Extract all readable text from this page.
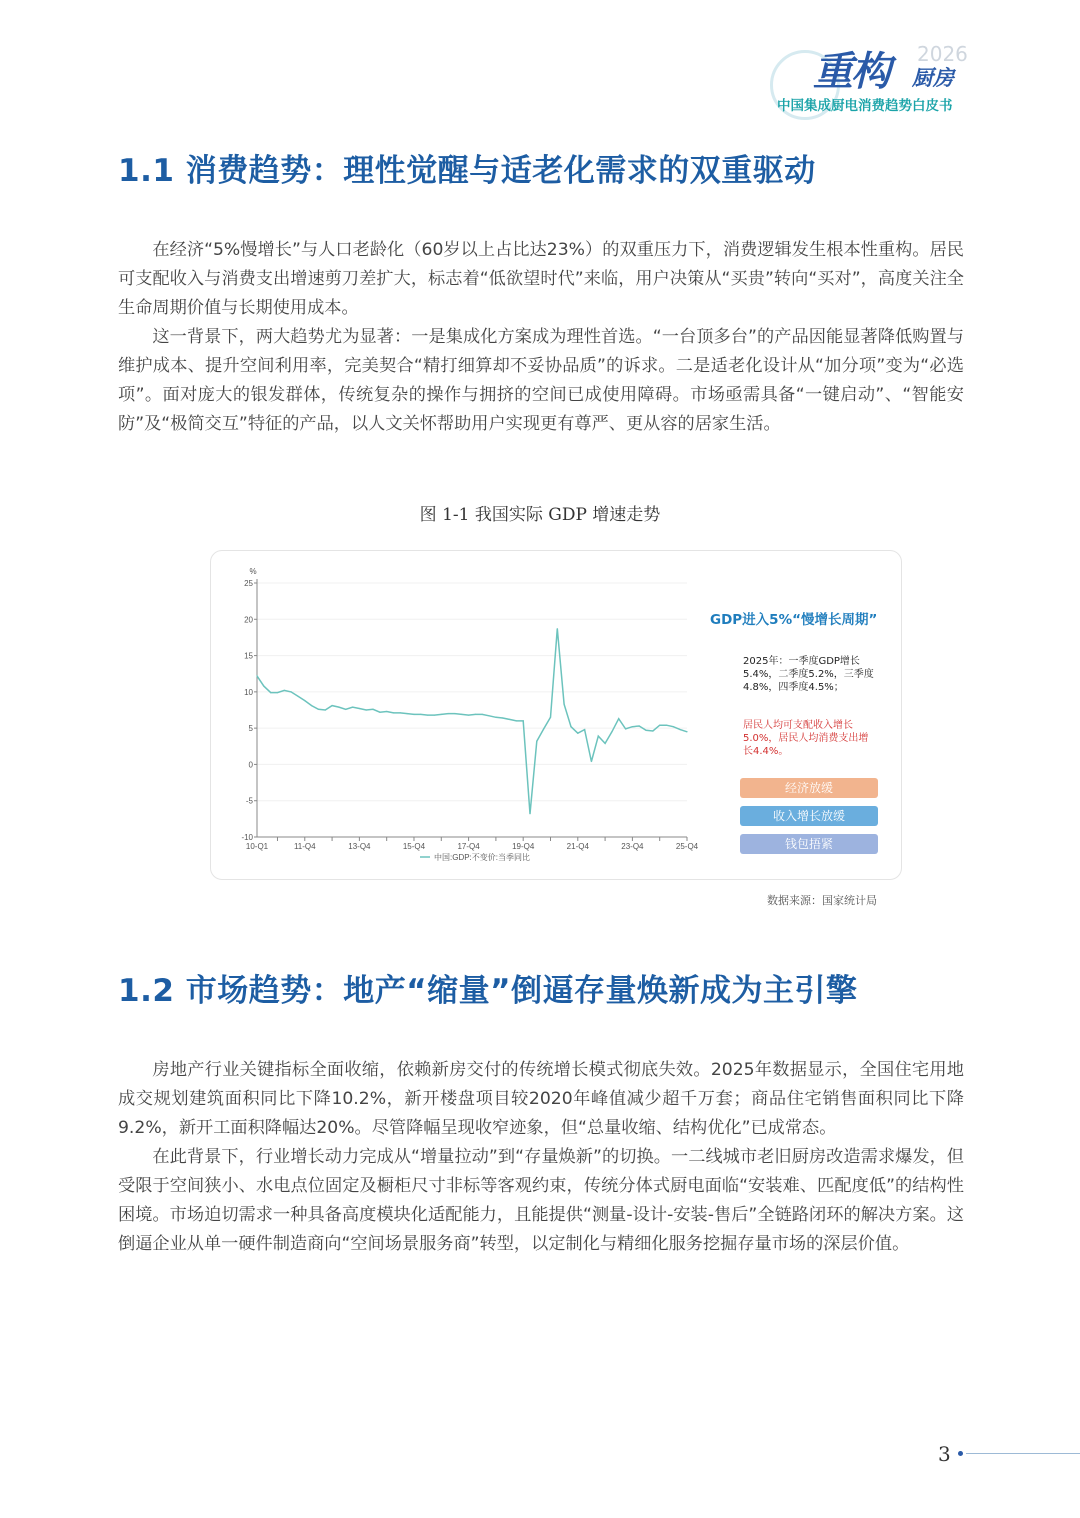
2026
重构 厨房
中国集成厨电消费趋势白皮书
1.1 消费趋势：理性觉醒与适老化需求的双重驱动

在经济“5%慢增长”与人口老龄化（60岁以上占比达23%）的双重压力下，消费逻辑发生根本性重构。居民可支配收入与消费支出增速剪刀差扩大，标志着“低欲望时代”来临，用户决策从“买贵”转向“买对”，高度关注全生命周期价值与长期使用成本。

这一背景下，两大趋势尤为显著：一是集成化方案成为理性首选。“一台顶多台”的产品因能显著降低购置与维护成本、提升空间利用率，完美契合“精打细算却不妥协品质”的诉求。二是适老化设计从“加分项”变为“必选项”。面对庞大的银发群体，传统复杂的操作与拥挤的空间已成使用障碍。市场亟需具备“一键启动”、“智能安防”及“极简交互”特征的产品，以人文关怀帮助用户实现更有尊严、更从容的居家生活。

图 1-1 我国实际 GDP 增速走势
25
20
15
10
5
0
-5
-10
%
10-Q1	11-Q4	13-Q4	15-Q4	17-Q4	19-Q4	21-Q4	23-Q4	25-Q4
中国:GDP:不变价:当季同比
GDP进入5%“慢增长周期”
2025年：一季度GDP增长5.4%，二季度5.2%，三季度4.8%，四季度4.5%；
居民人均可支配收入增长5.0%，居民人均消费支出增长4.4%。
经济放缓
收入增长放缓
钱包捂紧
数据来源：国家统计局
1.2 市场趋势：地产“缩量”倒逼存量焕新成为主引擎

房地产行业关键指标全面收缩，依赖新房交付的传统增长模式彻底失效。2025年数据显示，全国住宅用地成交规划建筑面积同比下降10.2%，新开楼盘项目较2020年峰值减少超千万套；商品住宅销售面积同比下降9.2%，新开工面积降幅达20%。尽管降幅呈现收窄迹象，但“总量收缩、结构优化”已成常态。

在此背景下，行业增长动力完成从“增量拉动”到“存量焕新”的切换。一二线城市老旧厨房改造需求爆发，但受限于空间狭小、水电点位固定及橱柜尺寸非标等客观约束，传统分体式厨电面临“安装难、匹配度低”的结构性困境。市场迫切需求一种具备高度模块化适配能力，且能提供“测量-设计-安装-售后”全链路闭环的解决方案。这倒逼企业从单一硬件制造商向“空间场景服务商”转型，以定制化与精细化服务挖掘存量市场的深层价值。

3
